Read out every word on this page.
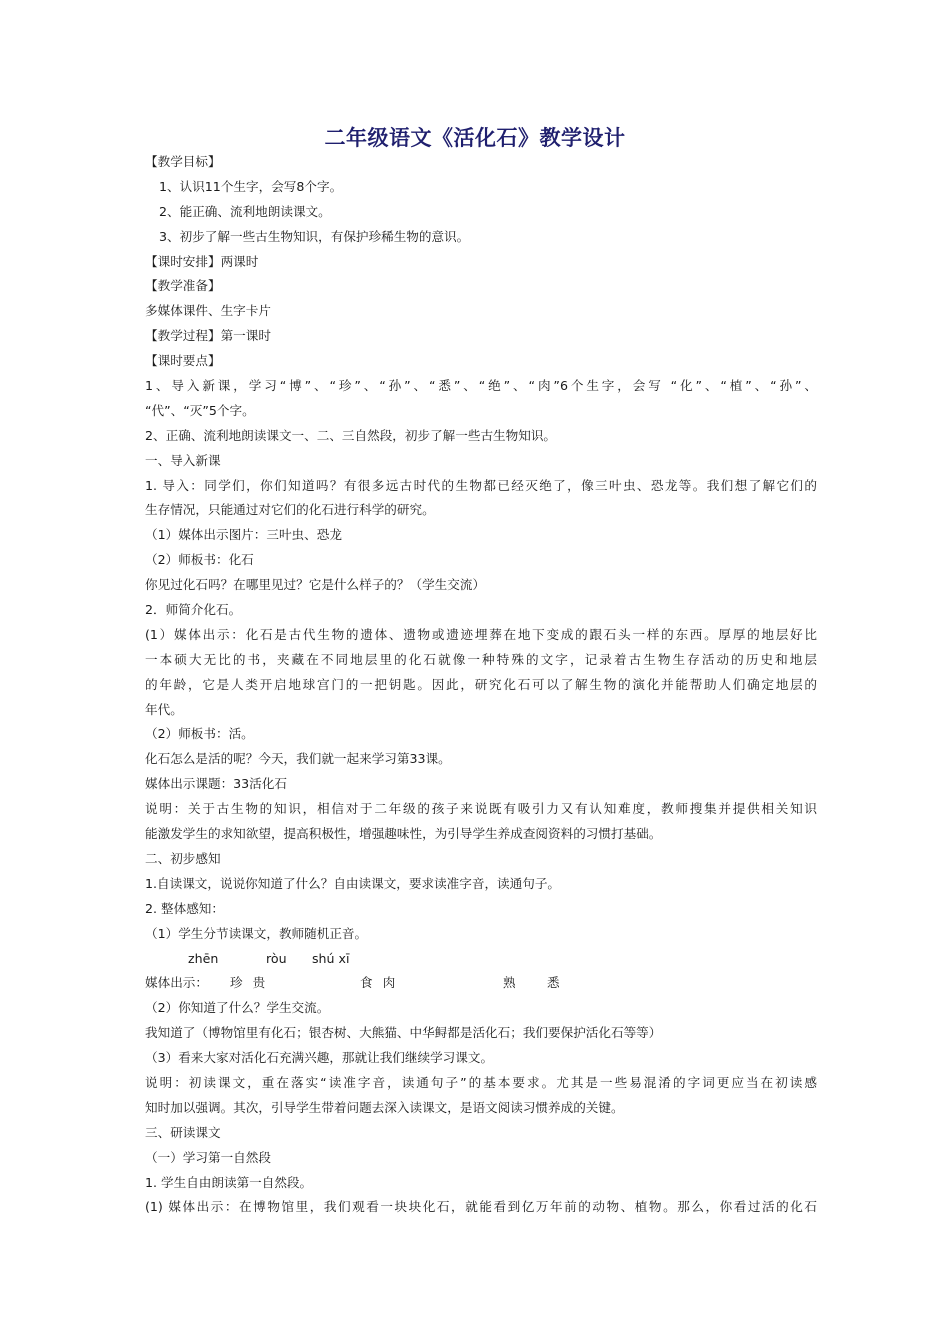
二年级语文《活化石》教学设计
【教学目标】
1、认识11个生字，会写8个字。
2、能正确、流利地朗读课文。
3、初步了解一些古生物知识，有保护珍稀生物的意识。
【课时安排】两课时
【教学准备】
多媒体课件、生字卡片
【教学过程】第一课时
【课时要点】
1、导入新课，学习“博”、“珍”、“孙”、“悉”、“绝”、“肉”6个生字，会写 “化”、“植”、“孙”、
“代”、“灭”5个字。
2、正确、流利地朗读课文一、二、三自然段，初步了解一些古生物知识。
一、导入新课
1. 导入：同学们，你们知道吗？有很多远古时代的生物都已经灭绝了，像三叶虫、恐龙等。我们想了解它们的
生存情况，只能通过对它们的化石进行科学的研究。
（1）媒体出示图片：三叶虫、恐龙
（2）师板书：化石
你见过化石吗？在哪里见过？它是什么样子的？（学生交流）
2．师简介化石。
(1）媒体出示：化石是古代生物的遗体、遗物或遗迹埋葬在地下变成的跟石头一样的东西。厚厚的地层好比
一本硕大无比的书，夹藏在不同地层里的化石就像一种特殊的文字，记录着古生物生存活动的历史和地层
的年龄，它是人类开启地球宫门的一把钥匙。因此，研究化石可以了解生物的演化并能帮助人们确定地层的
年代。
（2）师板书：活。
化石怎么是活的呢？今天，我们就一起来学习第33课。
媒体出示课题：33活化石
说明：关于古生物的知识，相信对于二年级的孩子来说既有吸引力又有认知难度，教师搜集并提供相关知识
能激发学生的求知欲望，提高积极性，增强趣味性，为引导学生养成查阅资料的习惯打基础。
二、初步感知
1.自读课文，说说你知道了什么？自由读课文，要求读准字音，读通句子。
2. 整体感知：
（1）学生分节读课文，教师随机正音。
zhēn	ròu shú xī
媒体出示： 珍 贵	食 肉	熟 悉
（2）你知道了什么？学生交流。
我知道了（博物馆里有化石；银杏树、大熊猫、中华鲟都是活化石；我们要保护活化石等等）
（3）看来大家对活化石充满兴趣，那就让我们继续学习课文。
说明：初读课文，重在落实“读准字音，读通句子”的基本要求。尤其是一些易混淆的字词更应当在初读感
知时加以强调。其次，引导学生带着问题去深入读课文，是语文阅读习惯养成的关键。
三、研读课文
（一）学习第一自然段
1. 学生自由朗读第一自然段。
(1) 媒体出示：在博物馆里，我们观看一块块化石，就能看到亿万年前的动物、植物。那么，你看过活的化石
